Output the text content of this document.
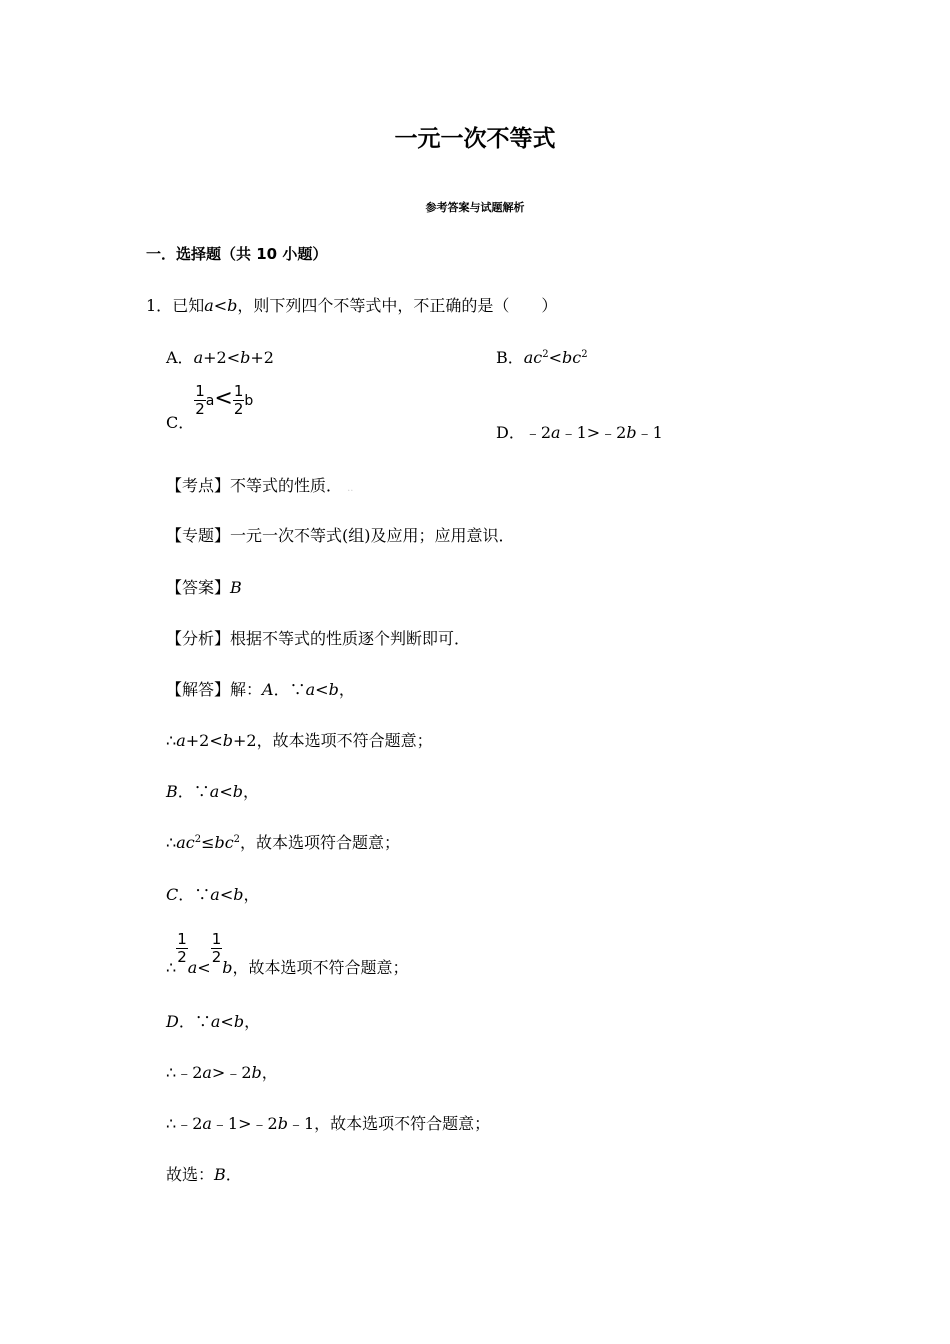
一元一次不等式
参考答案与试题解析
一．选择题（共 10 小题）
1．已知a<b，则下列四个不等式中，不正确的是（　　）
A．a+2<b+2	B．$ac^2<bc^2$
C．
$\frac{1}{2} a< \frac{1}{2}$ b
D．﹣2a﹣1>﹣2b﹣1
【考点】不等式的性质． ..
【专题】一元一次不等式(组)及应用；应用意识．
【答案】B
【分析】根据不等式的性质逐个判断即可．
【解答】解：A．∵a<b，
∴a+2<b+2，故本选项不符合题意；
B．∵a<b，
$\therefore ac^2\le bc^2$，故本选项符合题意；
C．∵a<b，
∴
$\frac{1}{2}$
a<
$\frac{1}{2}$
b，故本选项不符合题意；
D．∵a<b，
∴﹣2a>﹣2b，
∴﹣2a﹣1>﹣2b﹣1，故本选项不符合题意；
故选：B．
